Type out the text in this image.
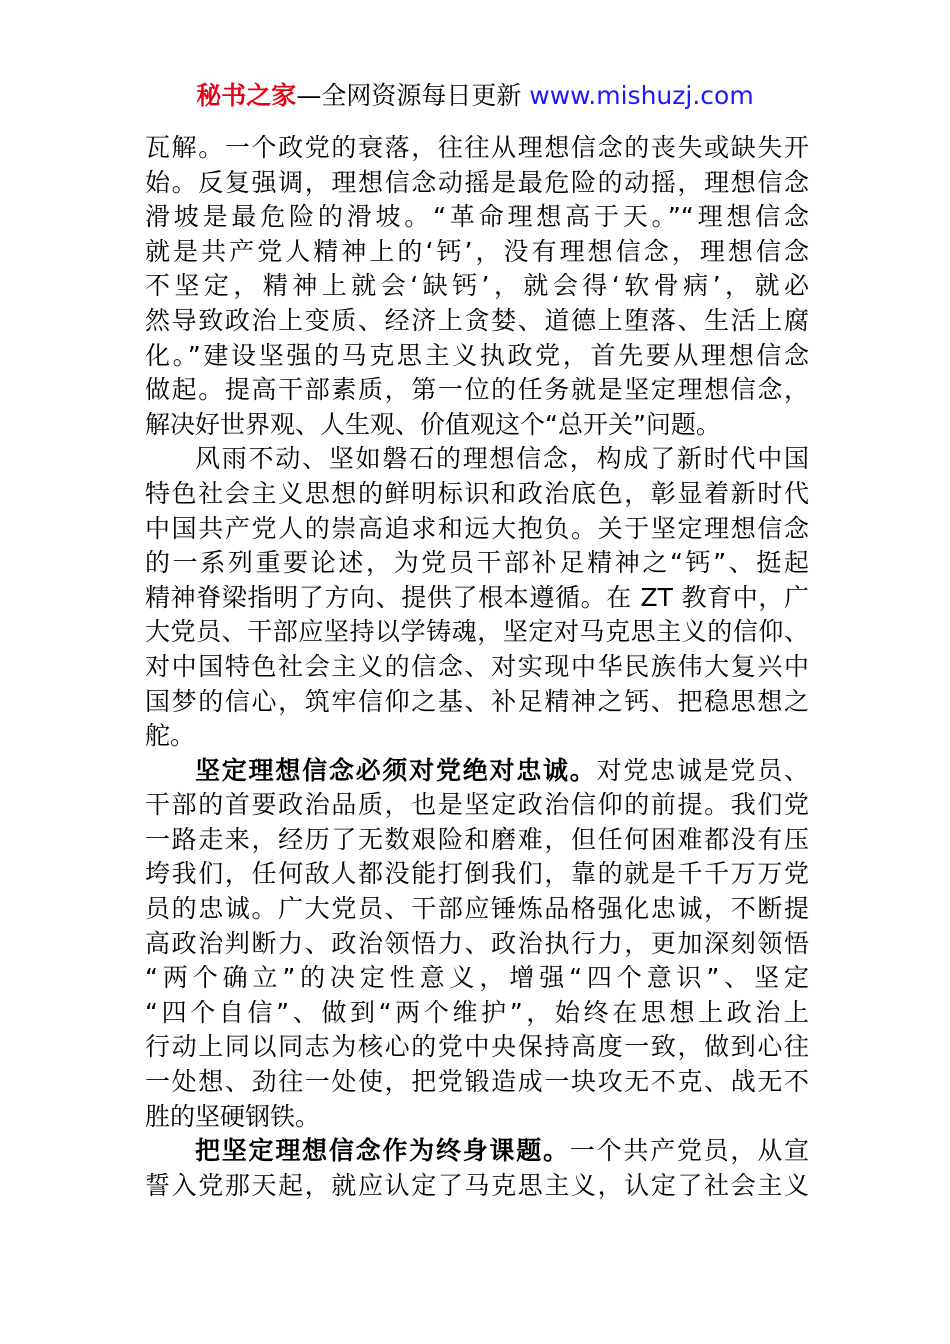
秘书之家—全网资源每日更新 www.mishuzj.com
瓦解。一个政党的衰落，往往从理想信念的丧失或缺失开
始。反复强调，理想信念动摇是最危险的动摇，理想信念
滑坡是最危险的滑坡。“革命理想高于天。”“理想信念
就是共产党人精神上的‘钙’，没有理想信念，理想信念
不坚定，精神上就会‘缺钙’，就会得‘软骨病’，就必
然导致政治上变质、经济上贪婪、道德上堕落、生活上腐
化。”建设坚强的马克思主义执政党，首先要从理想信念
做起。提高干部素质，第一位的任务就是坚定理想信念，
解决好世界观、人生观、价值观这个“总开关”问题。
风雨不动、坚如磐石的理想信念，构成了新时代中国
特色社会主义思想的鲜明标识和政治底色，彰显着新时代
中国共产党人的崇高追求和远大抱负。关于坚定理想信念
的一系列重要论述，为党员干部补足精神之“钙”、挺起
精神脊梁指明了方向、提供了根本遵循。在 ZT 教育中，广
大党员、干部应坚持以学铸魂，坚定对马克思主义的信仰、
对中国特色社会主义的信念、对实现中华民族伟大复兴中
国梦的信心，筑牢信仰之基、补足精神之钙、把稳思想之
舵。
坚定理想信念必须对党绝对忠诚。对党忠诚是党员、
干部的首要政治品质，也是坚定政治信仰的前提。我们党
一路走来，经历了无数艰险和磨难，但任何困难都没有压
垮我们，任何敌人都没能打倒我们，靠的就是千千万万党
员的忠诚。广大党员、干部应锤炼品格强化忠诚，不断提
高政治判断力、政治领悟力、政治执行力，更加深刻领悟
“两个确立”的决定性意义，增强“四个意识”、坚定
“四个自信”、做到“两个维护”，始终在思想上政治上
行动上同以同志为核心的党中央保持高度一致，做到心往
一处想、劲往一处使，把党锻造成一块攻无不克、战无不
胜的坚硬钢铁。
把坚定理想信念作为终身课题。一个共产党员，从宣
誓入党那天起，就应认定了马克思主义，认定了社会主义
